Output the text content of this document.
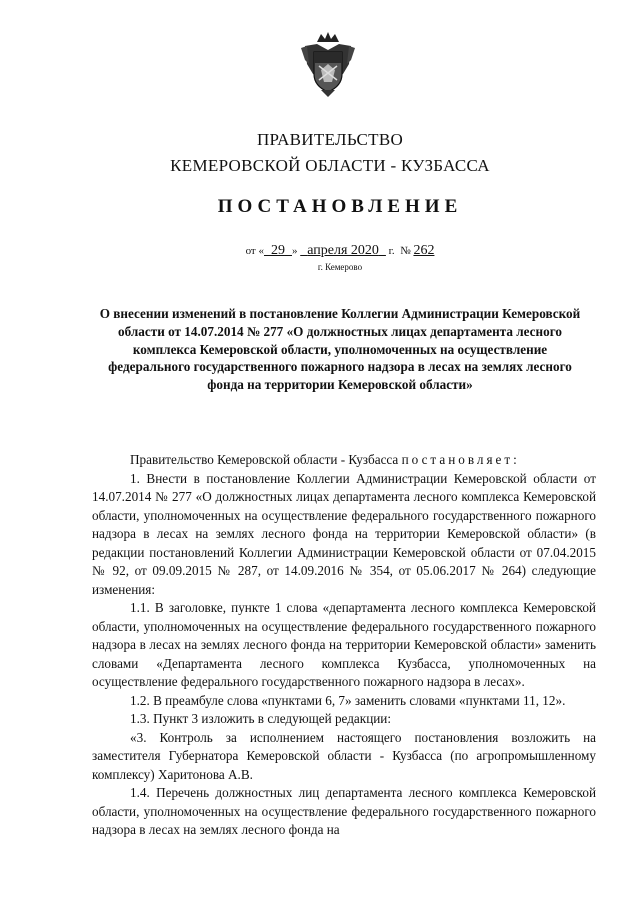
ПРАВИТЕЛЬСТВО
КЕМЕРОВСКОЙ ОБЛАСТИ - КУЗБАССА
ПОСТАНОВЛЕНИЕ
от « 29 » апреля 2020 г. № 262
г. Кемерово
О внесении изменений в постановление Коллегии Администрации Кемеровской области от 14.07.2014 № 277 «О должностных лицах департамента лесного комплекса Кемеровской области, уполномоченных на осуществление федерального государственного пожарного надзора в лесах на землях лесного фонда на территории Кемеровской области»

Правительство Кемеровской области - Кузбасса постановляет:

1. Внести в постановление Коллегии Администрации Кемеровской области от 14.07.2014 № 277 «О должностных лицах департамента лесного комплекса Кемеровской области, уполномоченных на осуществление федерального государственного пожарного надзора в лесах на землях лесного фонда на территории Кемеровской области» (в редакции постановлений Коллегии Администрации Кемеровской области от 07.04.2015 № 92, от 09.09.2015 № 287, от 14.09.2016 № 354, от 05.06.2017 № 264) следующие изменения:

1.1. В заголовке, пункте 1 слова «департамента лесного комплекса Кемеровской области, уполномоченных на осуществление федерального государственного пожарного надзора в лесах на землях лесного фонда на территории Кемеровской области» заменить словами «Департамента лесного комплекса Кузбасса, уполномоченных на осуществление федерального государственного пожарного надзора в лесах».

1.2. В преамбуле слова «пунктами 6, 7» заменить словами «пунктами 11, 12».

1.3. Пункт 3 изложить в следующей редакции:

«3. Контроль за исполнением настоящего постановления возложить на заместителя Губернатора Кемеровской области - Кузбасса (по агропромышленному комплексу) Харитонова А.В.

1.4. Перечень должностных лиц департамента лесного комплекса Кемеровской области, уполномоченных на осуществление федерального государственного пожарного надзора в лесах на землях лесного фонда на
